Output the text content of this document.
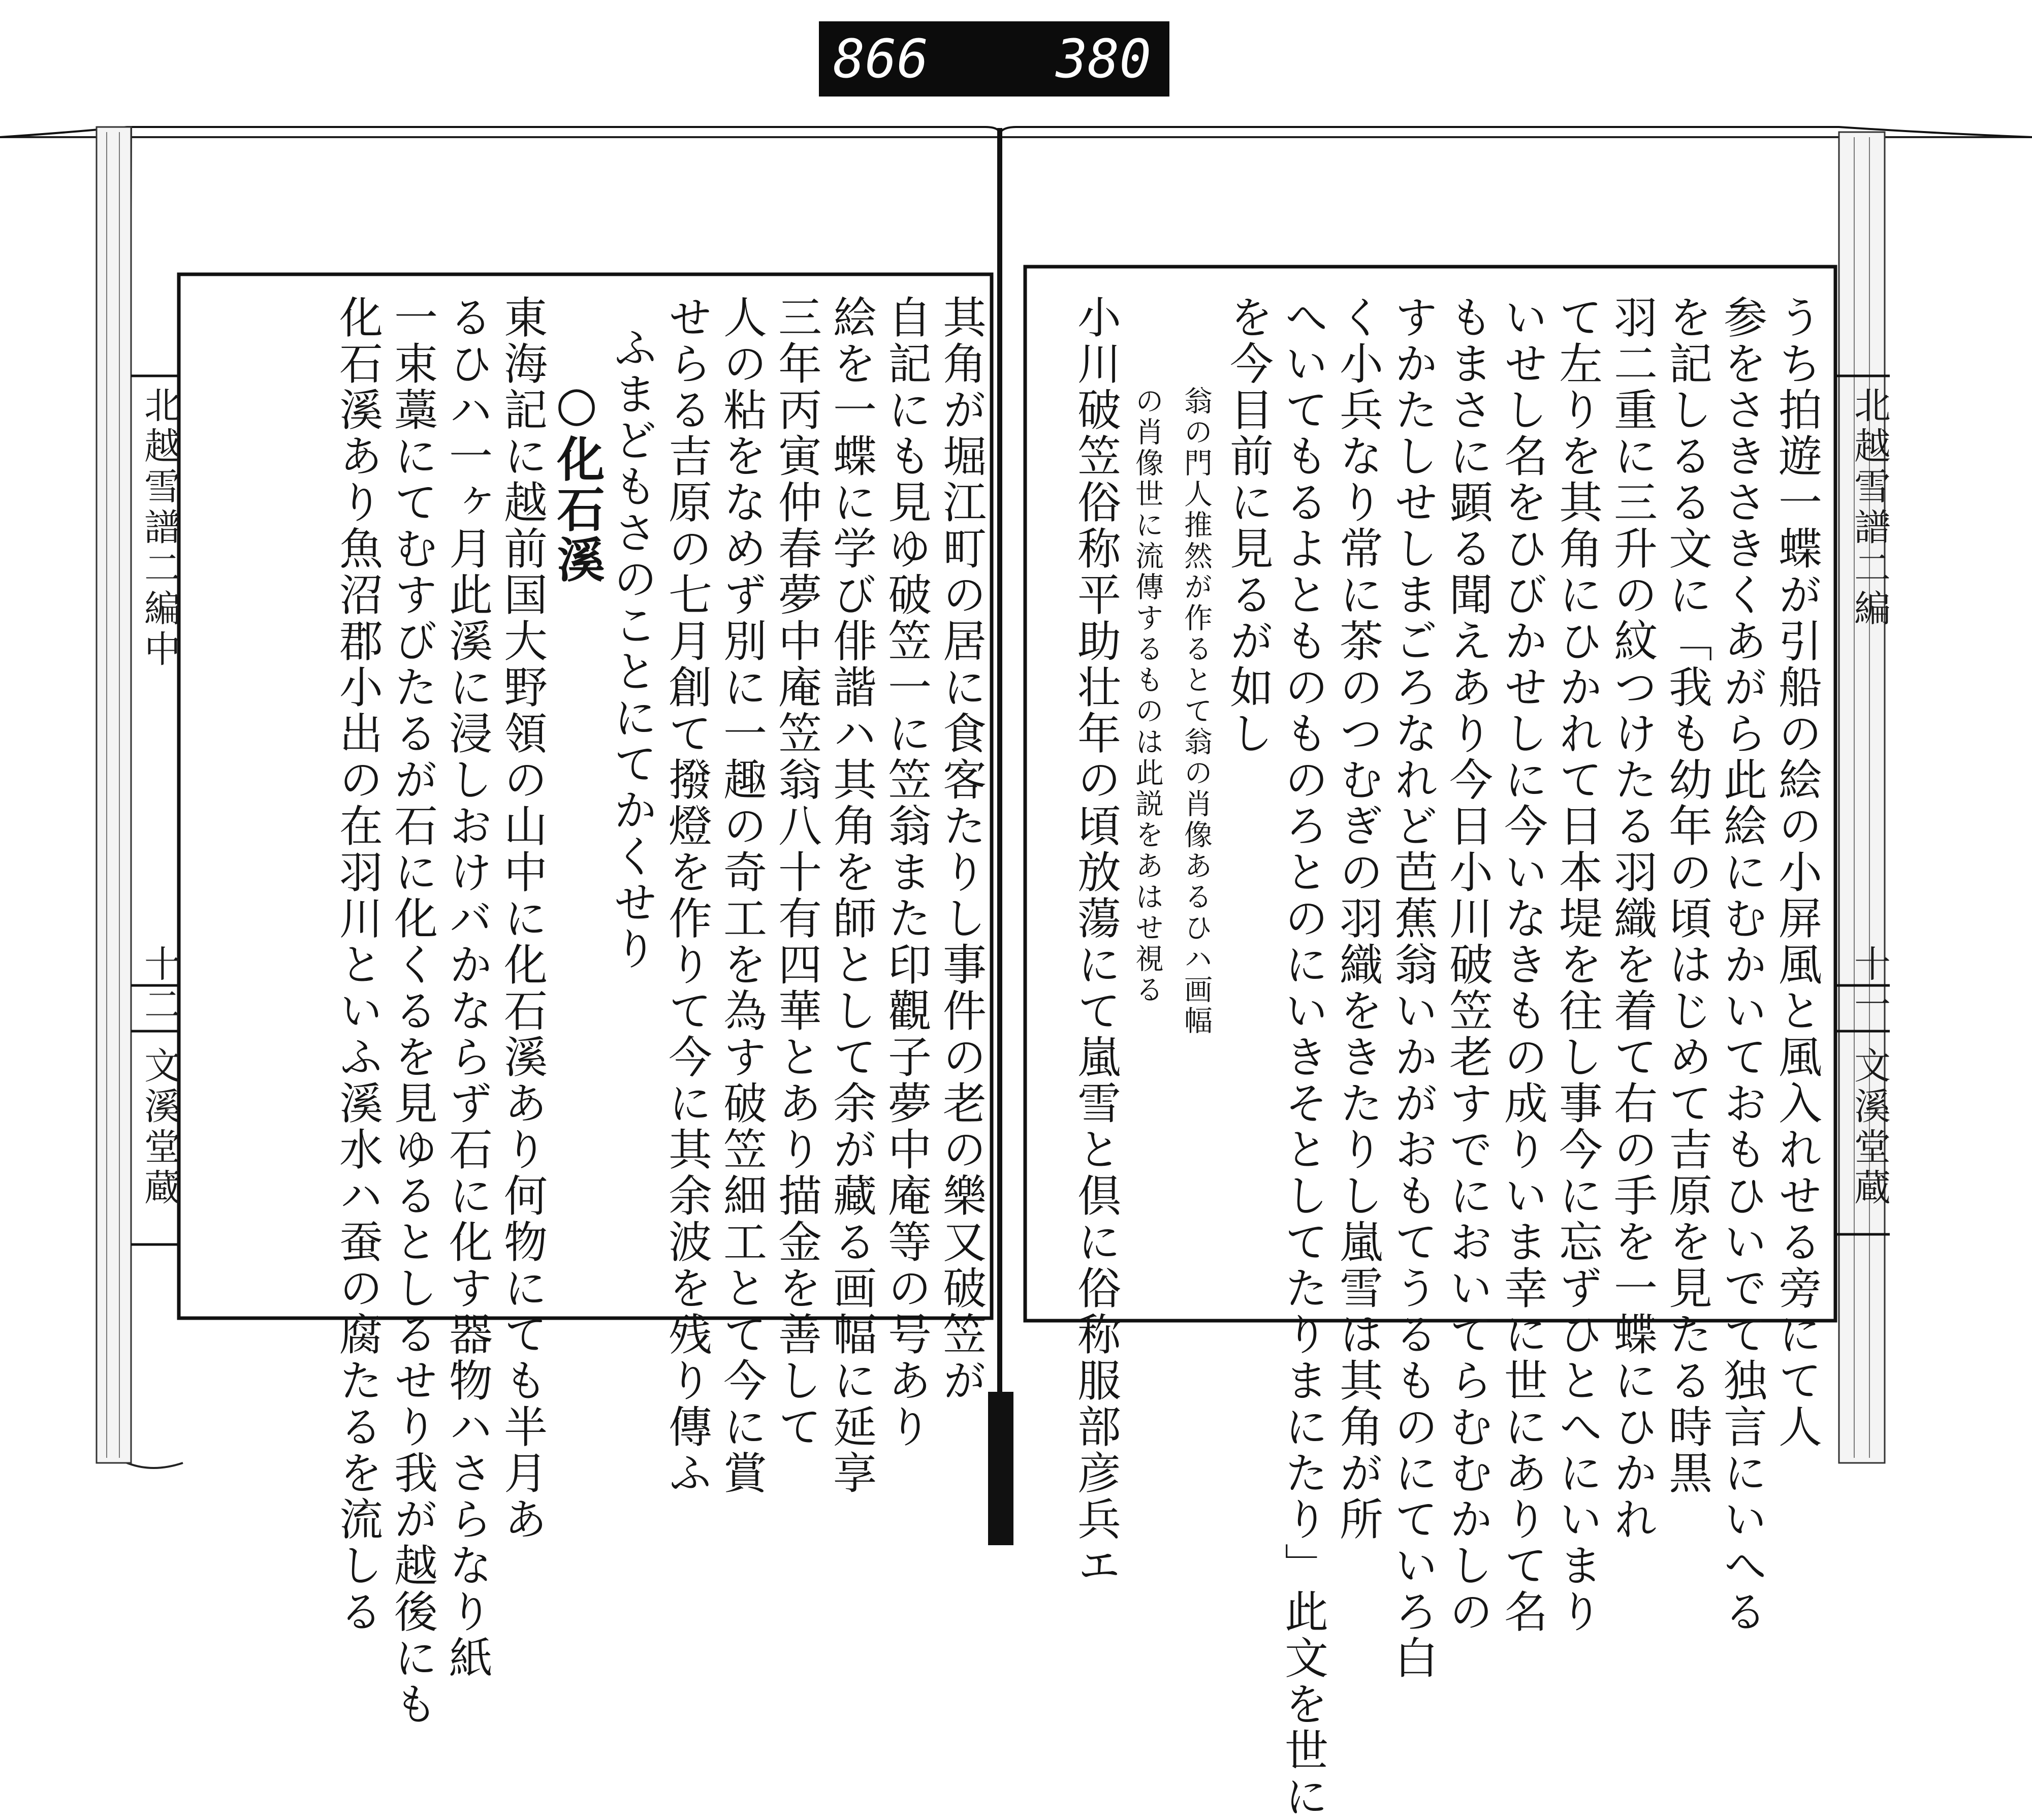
866
380
北越雪譜二編中
十二
文溪堂蔵
北越雪譜二編
十一
文溪堂蔵

其角が堀江町の居に食客たりし事件の老の樂又破笠が

自記にも見ゆ破笠一に笠翁また印觀子夢中庵等の号あり

絵を一蝶に学び俳諧ハ其角を師として余が藏る画幅に延享

三年丙寅仲春夢中庵笠翁八十有四華とあり描金を善して

人の粘をなめず別に一趣の奇工を為す破笠細工とて今に賞

せらる吉原の七月創て撥燈を作りて今に其余波を残り傳ふ

ふまどもさのことにてかくせり

○化石溪

東海記に越前国大野領の山中に化石溪あり何物にても半月あ

るひハ一ヶ月此溪に浸しおけバかならず石に化す器物ハさらなり紙

一束藁にてむすびたるが石に化くるを見ゆるとしるせり我が越後にも

化石溪あり魚沼郡小出の在羽川といふ溪水ハ蚕の腐たるを流しる	うち拍遊一蝶が引船の絵の小屏風と風入れせる旁にて人

参をさきさきくあがら此絵にむかいておもひいでて独言にいへる

を記しるる文に「我も幼年の頃はじめて吉原を見たる時黒

羽二重に三升の紋つけたる羽織を着て右の手を一蝶にひかれ

て左りを其角にひかれて日本堤を往し事今に忘ずひとへにいまり

いせし名をひびかせしに今いなきもの成りいま幸に世にありて名

もまさに顕る聞えあり今日小川破笠老すでにおいてらむむかしの

すかたしせしまごろなれど芭蕉翁いかがおもてうるものにていろ白

く小兵なり常に茶のつむぎの羽織をきたりし嵐雪は其角が所

へいてもるよとものものろとのにいきそとしてたりまにたり」此文を世に

を今目前に見るが如し

翁の門人推然が作るとて翁の肖像あるひハ画幅

の肖像世に流傳するものは此説をあはせ視る

小川破笠俗称平助壮年の頃放蕩にて嵐雪と倶に俗称服部彦兵エ
